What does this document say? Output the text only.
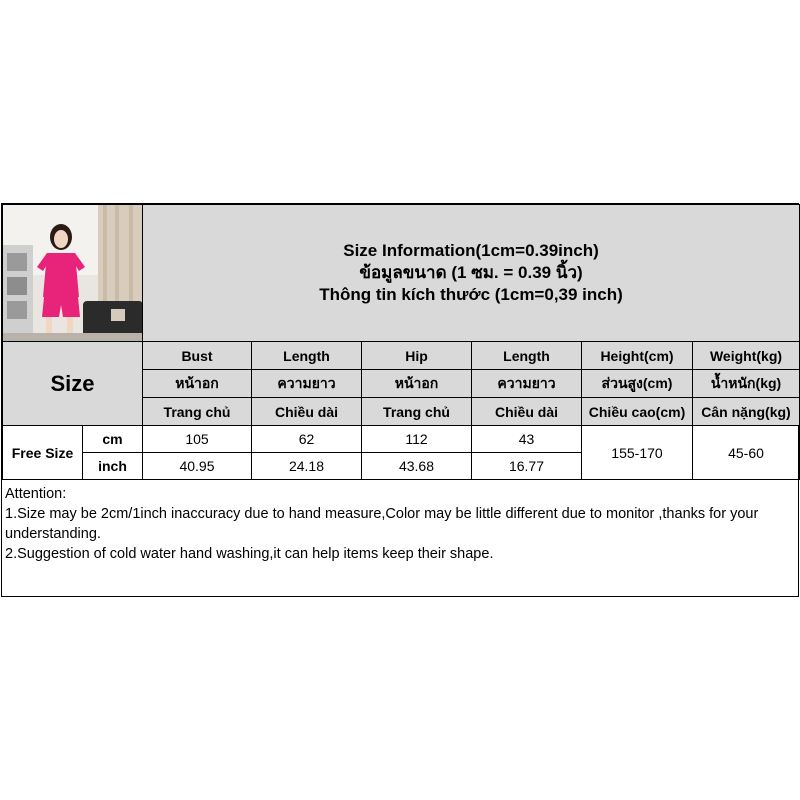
Size Information(1cm=0.39inch)
ข้อมูลขนาด (1 ซม. = 0.39 นิ้ว)
Thông tin kích thước (1cm=0,39 inch)					

Size		Bust	Length	Hip	Length	Height(cm)	Weight(kg)
		หน้าอก	ความยาว	หน้าอก	ความยาว	ส่วนสูง(cm)	น้ำหนัก(kg)
		Trang chủ	Chiều dài	Trang chủ	Chiều dài	Chiều cao(cm)	Cân nặng(kg)
Free Size	cm	105	62	112	43	155-170	45-60
	inch	40.95	24.18	43.68	16.77		
Attention:
1.Size may be 2cm/1inch inaccuracy due to hand measure,Color may be little different due to monitor ,thanks for your understanding.
2.Suggestion of cold water hand washing,it can help items keep their shape.
